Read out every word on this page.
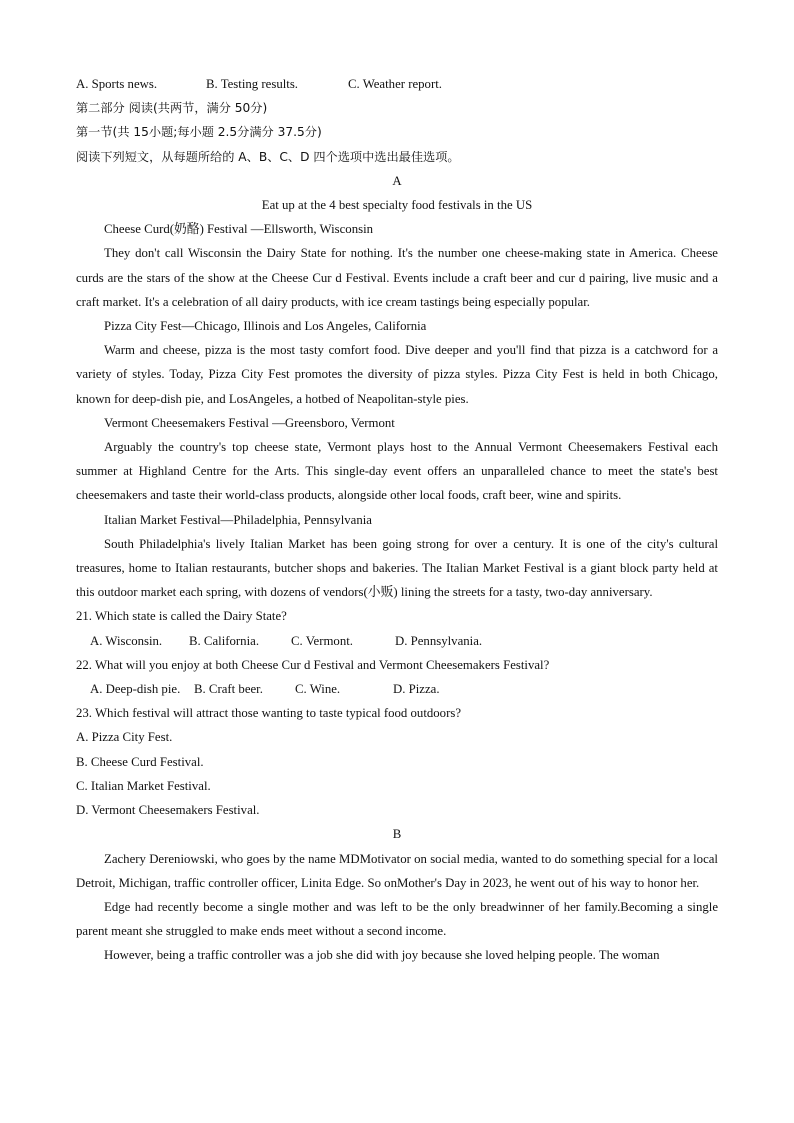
A. Sports news.	B. Testing results.	C. Weather report.
第二部分 阅读(共两节，满分 50分)
第一节(共 15小题;每小题 2.5分满分 37.5分)
阅读下列短文，从每题所给的 A、B、C、D 四个选项中选出最佳选项。
A
Eat up at the 4 best specialty food festivals in the US
Cheese Curd(奶酪) Festival —Ellsworth, Wisconsin
They don't call Wisconsin the Dairy State for nothing. It's the number one cheese-making state in America. Cheese curds are the stars of the show at the Cheese Cur d Festival. Events include a craft beer and cur d pairing, live music and a craft market. It's a celebration of all dairy products, with ice cream tastings being especially popular.
Pizza City Fest—Chicago, Illinois and Los Angeles, California
Warm and cheese, pizza is the most tasty comfort food. Dive deeper and you'll find that pizza is a catchword for a variety of styles. Today, Pizza City Fest promotes the diversity of pizza styles. Pizza City Fest is held in both Chicago, known for deep-dish pie, and LosAngeles, a hotbed of Neapolitan-style pies.
Vermont Cheesemakers Festival —Greensboro, Vermont
Arguably the country's top cheese state, Vermont plays host to the Annual Vermont Cheesemakers Festival each summer at Highland Centre for the Arts. This single-day event offers an unparalleled chance to meet the state's best cheesemakers and taste their world-class products, alongside other local foods, craft beer, wine and spirits.
Italian Market Festival—Philadelphia, Pennsylvania
South Philadelphia's lively Italian Market has been going strong for over a century. It is one of the city's cultural treasures, home to Italian restaurants, butcher shops and bakeries. The Italian Market Festival is a giant block party held at this outdoor market each spring, with dozens of vendors(小贩) lining the streets for a tasty, two-day anniversary.
21. Which state is called the Dairy State?
A. Wisconsin. B. California. C. Vermont.	D. Pennsylvania.
22. What will you enjoy at both Cheese Cur d Festival and Vermont Cheesemakers Festival?
A. Deep-dish pie. B. Craft beer.	C. Wine.	D. Pizza.
23. Which festival will attract those wanting to taste typical food outdoors?
A. Pizza City Fest.
B. Cheese Curd Festival.
C. Italian Market Festival.
D. Vermont Cheesemakers Festival.
B
Zachery Dereniowski, who goes by the name MDMotivator on social media, wanted to do something special for a local Detroit, Michigan, traffic controller officer, Linita Edge. So onMother's Day in 2023, he went out of his way to honor her.
Edge had recently become a single mother and was left to be the only breadwinner of her family.Becoming a single parent meant she struggled to make ends meet without a second income.
However, being a traffic controller was a job she did with joy because she loved helping people. The woman
